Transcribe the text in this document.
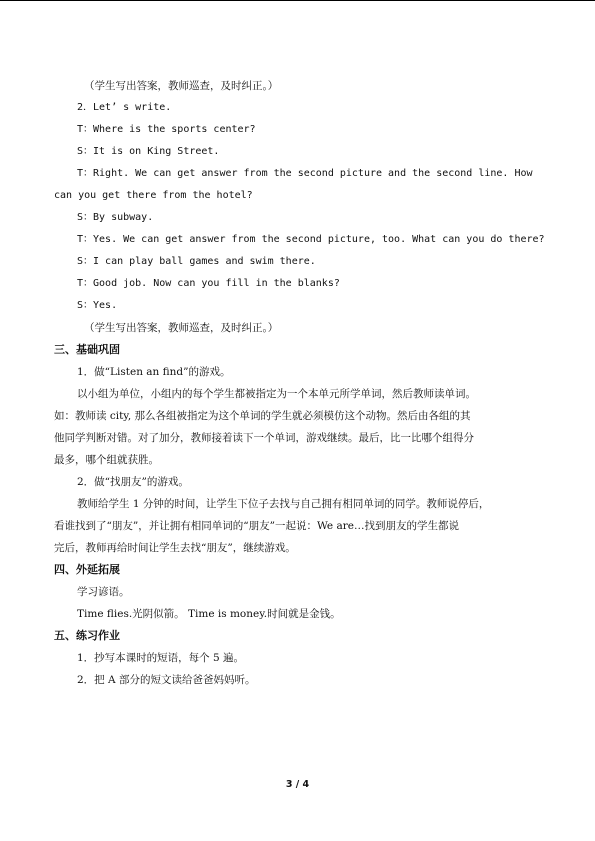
（学生写出答案，教师巡查，及时纠正。）
2．Let’ s write.
T：Where is the sports center?
S：It is on King Street.
T：Right. We can get answer from the second picture and the second line. How
can you get there from the hotel?
S：By subway.
T：Yes. We can get answer from the second picture, too. What can you do there?
S：I can play ball games and swim there.
T：Good job. Now can you fill in the blanks?
S：Yes.
（学生写出答案，教师巡查，及时纠正。）
三、基础巩固
1．做“Listen an find”的游戏。
以小组为单位，小组内的每个学生都被指定为一个本单元所学单词，然后教师读单词。
如：教师读 city, 那么各组被指定为这个单词的学生就必须模仿这个动物。然后由各组的其
他同学判断对错。对了加分，教师接着读下一个单词，游戏继续。最后，比一比哪个组得分
最多，哪个组就获胜。
2．做“找朋友”的游戏。
教师给学生 1 分钟的时间，让学生下位子去找与自己拥有相同单词的同学。教师说停后，
看谁找到了“朋友”，并让拥有相同单词的“朋友”一起说：We are…找到朋友的学生都说
完后，教师再给时间让学生去找“朋友”，继续游戏。
四、外延拓展
学习谚语。
Time flies.光阴似箭。 Time is money.时间就是金钱。
五、练习作业
1．抄写本课时的短语，每个 5 遍。
2．把 A 部分的短文读给爸爸妈妈听。
3 / 4
